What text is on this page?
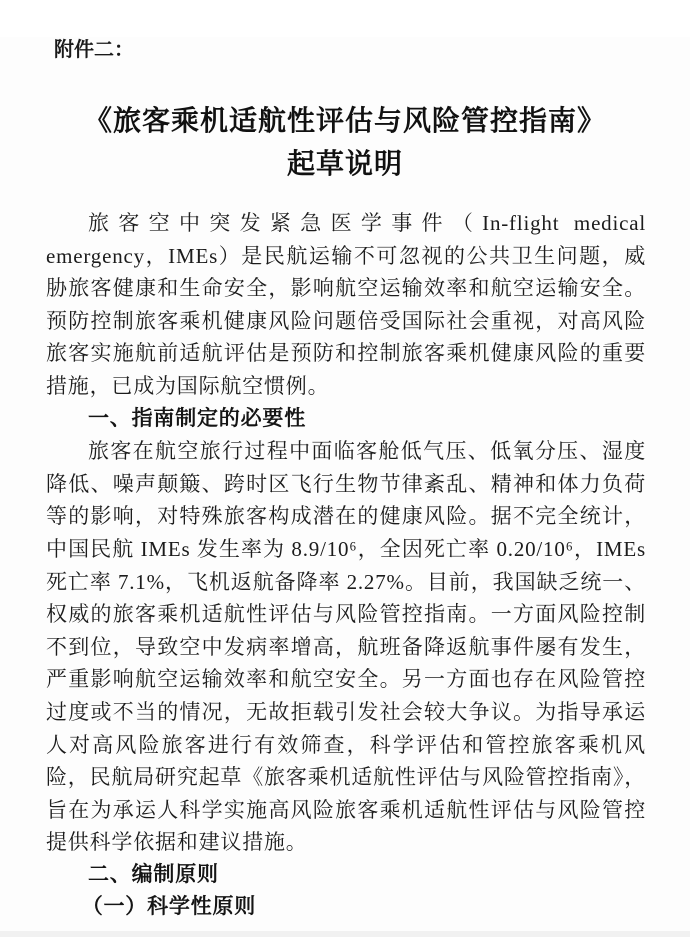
附件二：
《旅客乘机适航性评估与风险管控指南》
起草说明

旅客空中突发紧急医学事件（In-flight medical emergency，IMEs）是民航运输不可忽视的公共卫生问题，威胁旅客健康和生命安全，影响航空运输效率和航空运输安全。预防控制旅客乘机健康风险问题倍受国际社会重视，对高风险旅客实施航前适航评估是预防和控制旅客乘机健康风险的重要措施，已成为国际航空惯例。

一、指南制定的必要性

旅客在航空旅行过程中面临客舱低气压、低氧分压、湿度降低、噪声颠簸、跨时区飞行生物节律紊乱、精神和体力负荷等的影响，对特殊旅客构成潜在的健康风险。据不完全统计，中国民航 IMEs 发生率为 8.9/10⁶，全因死亡率 0.20/10⁶，IMEs 死亡率 7.1%，飞机返航备降率 2.27%。目前，我国缺乏统一、权威的旅客乘机适航性评估与风险管控指南。一方面风险控制不到位，导致空中发病率增高，航班备降返航事件屡有发生，严重影响航空运输效率和航空安全。另一方面也存在风险管控过度或不当的情况，无故拒载引发社会较大争议。为指导承运人对高风险旅客进行有效筛查，科学评估和管控旅客乘机风险，民航局研究起草《旅客乘机适航性评估与风险管控指南》，旨在为承运人科学实施高风险旅客乘机适航性评估与风险管控提供科学依据和建议措施。

二、编制原则
（一）科学性原则
